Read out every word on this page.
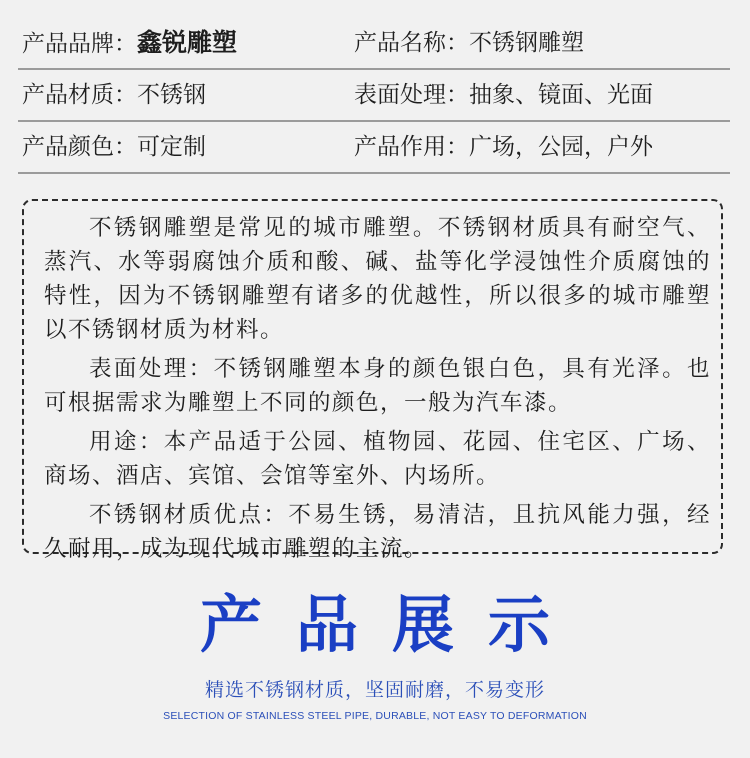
产品品牌：鑫锐雕塑	产品名称：不锈钢雕塑
产品材质：不锈钢	表面处理：抽象、镜面、光面
产品颜色：可定制	产品作用：广场，公园，户外

不锈钢雕塑是常见的城市雕塑。不锈钢材质具有耐空气、蒸汽、水等弱腐蚀介质和酸、碱、盐等化学浸蚀性介质腐蚀的特性，因为不锈钢雕塑有诸多的优越性，所以很多的城市雕塑以不锈钢材质为材料。

表面处理：不锈钢雕塑本身的颜色银白色，具有光泽。也可根据需求为雕塑上不同的颜色，一般为汽车漆。

用途：本产品适于公园、植物园、花园、住宅区、广场、商场、酒店、宾馆、会馆等室外、内场所。

不锈钢材质优点：不易生锈，易清洁，且抗风能力强，经久耐用，成为现代城市雕塑的主流。

产品展示
精选不锈钢材质，坚固耐磨，不易变形
SELECTION OF STAINLESS STEEL PIPE, DURABLE, NOT EASY TO DEFORMATION
